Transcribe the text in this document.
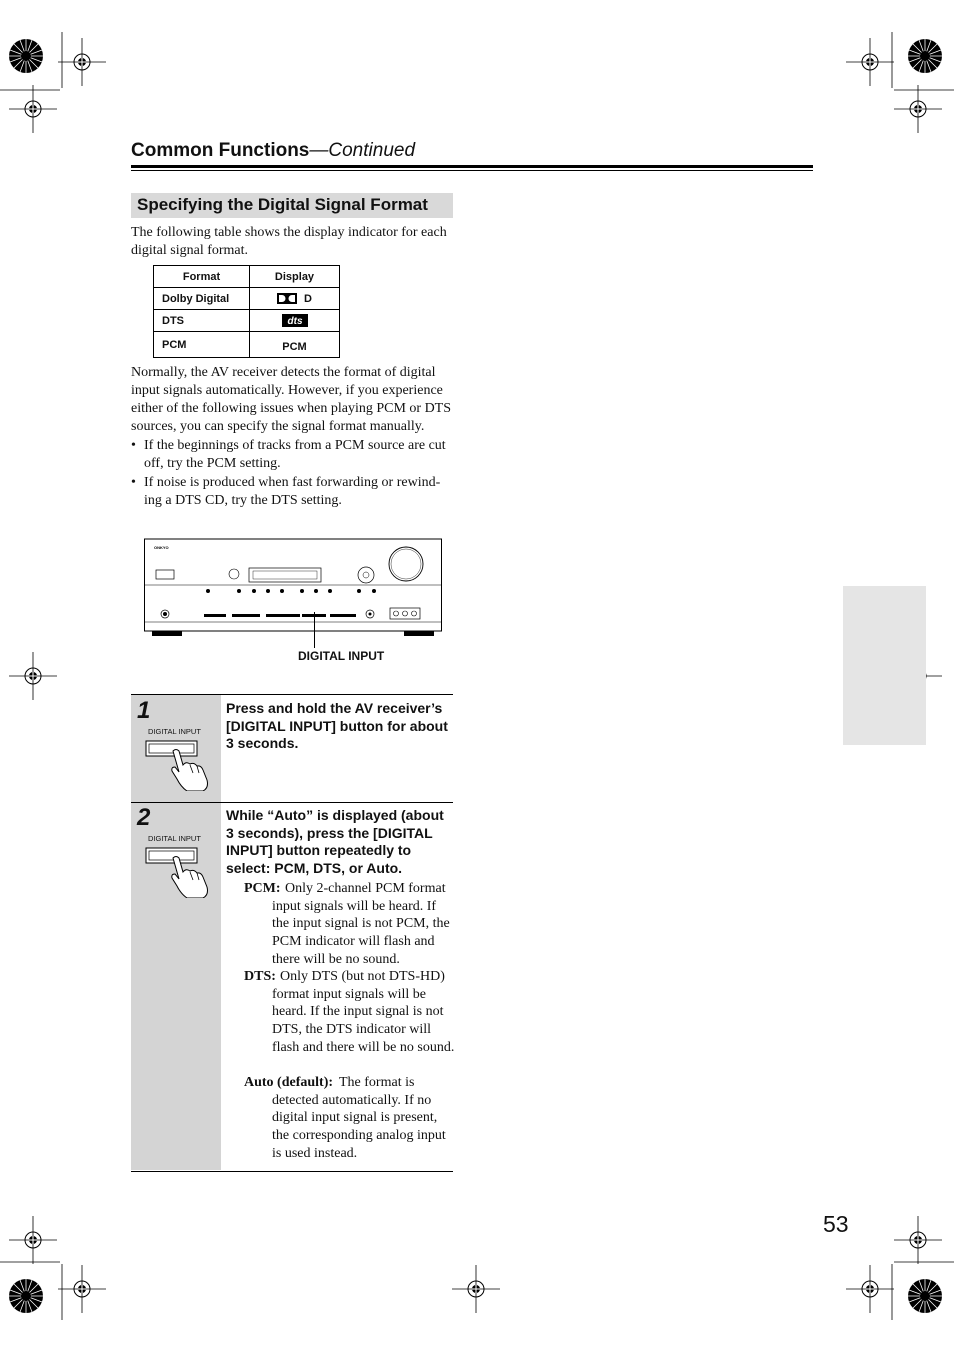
Common Functions—Continued
Specifying the Digital Signal Format
The following table shows the display indicator for each digital signal format.
Format	Display
Dolby Digital	D
DTS	dts

PCM	PCM
Normally, the AV receiver detects the format of digital input signals automatically. However, if you experience either of the following issues when playing PCM or DTS sources, you can specify the signal format manually.
• If the beginnings of tracks from a PCM source are cut off, try the PCM setting.
• If noise is produced when fast forwarding or rewind-ing a DTS CD, try the DTS setting.
ONKYO
DIGITAL INPUT
1
DIGITAL INPUT
Press and hold the AV receiver’s [DIGITAL INPUT] button for about 3 seconds.
2
DIGITAL INPUT
While “Auto” is displayed (about 3 seconds), press the [DIGITAL INPUT] button repeatedly to select: PCM, DTS, or Auto.
PCM: Only 2-channel PCM format input signals will be heard. If the input signal is not PCM, the PCM indicator will flash and there will be no sound.
DTS: Only DTS (but not DTS-HD) format input signals will be heard. If the input signal is not DTS, the DTS indicator will flash and there will be no sound.
Auto (default): The format is detected automatically. If no digital input signal is present, the corresponding analog input is used instead.
53
